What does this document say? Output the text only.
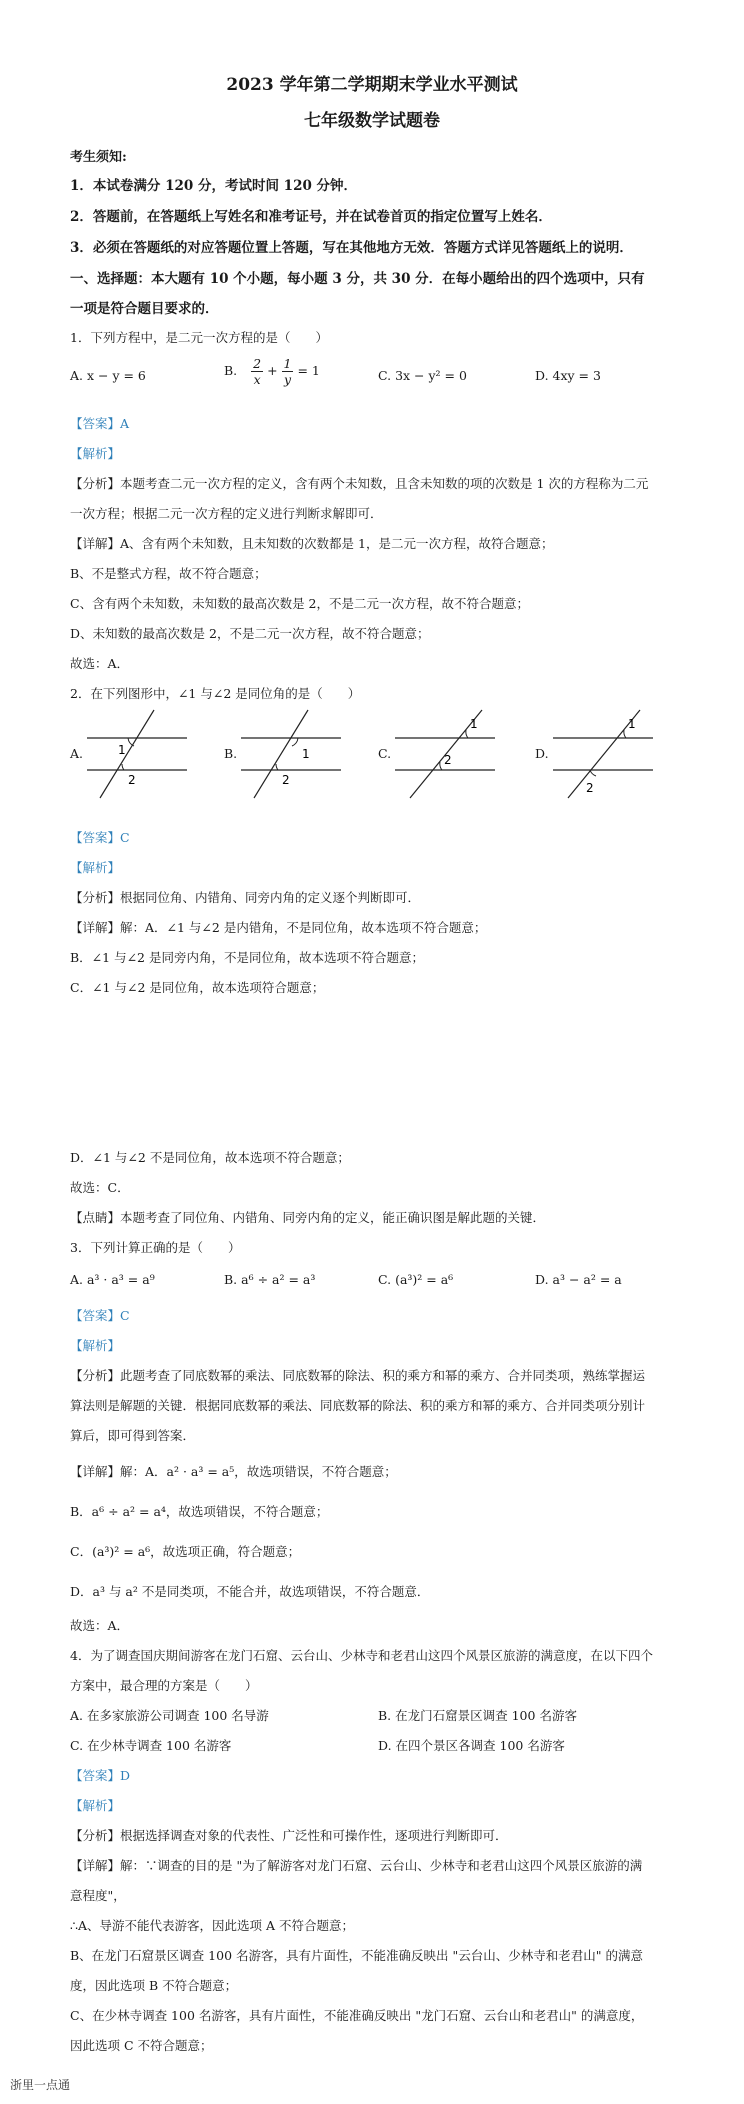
2023 学年第二学期期末学业水平测试
七年级数学试题卷
考生须知:
1．本试卷满分 120 分，考试时间 120 分钟．
2．答题前，在答题纸上写姓名和准考证号，并在试卷首页的指定位置写上姓名．
3．必须在答题纸的对应答题位置上答题，写在其他地方无效．答题方式详见答题纸上的说明．
一、选择题：本大题有 10 个小题，每小题 3 分，共 30 分．在每小题给出的四个选项中，只有
一项是符合题目要求的．
1．下列方程中，是二元一次方程的是（　　）
A. x − y = 6	B. $\frac{2}{x} + \frac{1}{y} = 1$	C. 3x − y² = 0	D. 4xy = 3
【答案】A
【解析】
【分析】本题考查二元一次方程的定义，含有两个未知数，且含未知数的项的次数是 1 次的方程称为二元
一次方程；根据二元一次方程的定义进行判断求解即可．
【详解】A、含有两个未知数，且未知数的次数都是 1，是二元一次方程，故符合题意；
B、不是整式方程，故不符合题意；
C、含有两个未知数，未知数的最高次数是 2，不是二元一次方程，故不符合题意；
D、未知数的最高次数是 2，不是二元一次方程，故不符合题意；
故选：A．
2．在下列图形中，∠1 与∠2 是同位角的是（　　）
A.	1
2
B.	1
2
C.
1
2	D.
1
2
【答案】C
【解析】
【分析】根据同位角、内错角、同旁内角的定义逐个判断即可．
【详解】解：A．∠1 与∠2 是内错角，不是同位角，故本选项不符合题意；
B．∠1 与∠2 是同旁内角，不是同位角，故本选项不符合题意；
C．∠1 与∠2 是同位角，故本选项符合题意；
D．∠1 与∠2 不是同位角，故本选项不符合题意；
故选：C．
【点睛】本题考查了同位角、内错角、同旁内角的定义，能正确识图是解此题的关键．
3．下列计算正确的是（　　）
A. a³ · a³ = a⁹	B. a⁶ ÷ a² = a³	C. (a³)² = a⁶	D. a³ − a² = a
【答案】C
【解析】
【分析】此题考查了同底数幂的乘法、同底数幂的除法、积的乘方和幂的乘方、合并同类项，熟练掌握运
算法则是解题的关键．根据同底数幂的乘法、同底数幂的除法、积的乘方和幂的乘方、合并同类项分别计
算后，即可得到答案．
【详解】解：A．a² · a³ = a⁵，故选项错误，不符合题意；
B．a⁶ ÷ a² = a⁴，故选项错误，不符合题意；
C．(a³)² = a⁶，故选项正确，符合题意；
D．a³ 与 a² 不是同类项，不能合并，故选项错误，不符合题意．
故选：A．
4．为了调查国庆期间游客在龙门石窟、云台山、少林寺和老君山这四个风景区旅游的满意度，在以下四个
方案中，最合理的方案是（　　）
A. 在多家旅游公司调查 100 名导游	B. 在龙门石窟景区调查 100 名游客
C. 在少林寺调查 100 名游客	D. 在四个景区各调查 100 名游客
【答案】D
【解析】
【分析】根据选择调查对象的代表性、广泛性和可操作性，逐项进行判断即可．
【详解】解：∵调查的目的是 "为了解游客对龙门石窟、云台山、少林寺和老君山这四个风景区旅游的满
意程度"，
∴A、导游不能代表游客，因此选项 A 不符合题意；
B、在龙门石窟景区调查 100 名游客，具有片面性，不能准确反映出 "云台山、少林寺和老君山" 的满意
度，因此选项 B 不符合题意；
C、在少林寺调查 100 名游客，具有片面性，不能准确反映出 "龙门石窟、云台山和老君山" 的满意度，
因此选项 C 不符合题意；
浙里一点通
